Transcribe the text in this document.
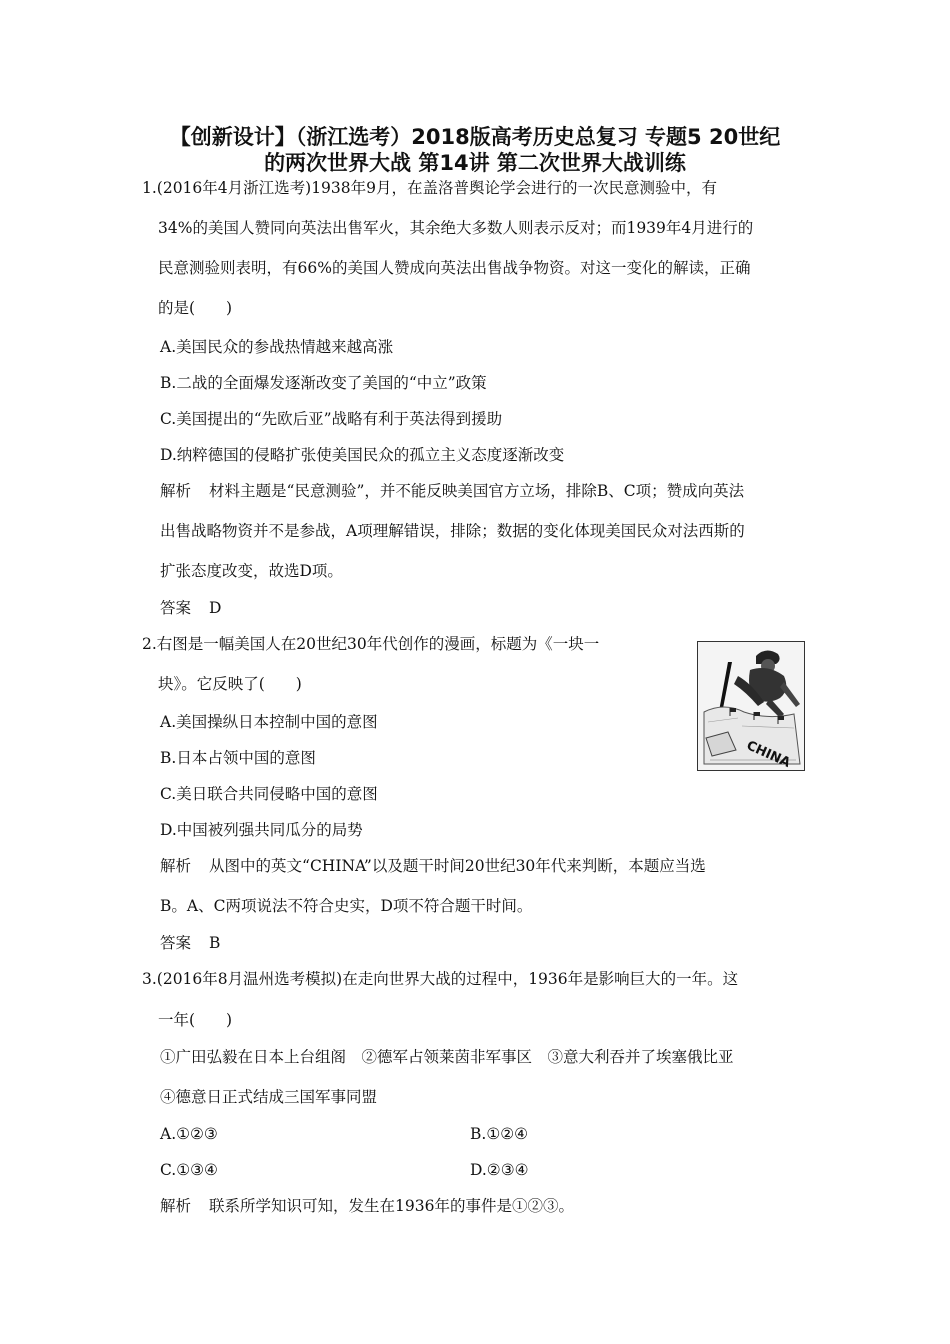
【创新设计】（浙江选考）2018版高考历史总复习 专题5 20世纪
的两次世界大战 第14讲 第二次世界大战训练
1.(2016年4月浙江选考)1938年9月，在盖洛普舆论学会进行的一次民意测验中，有
34%的美国人赞同向英法出售军火，其余绝大多数人则表示反对；而1939年4月进行的
民意测验则表明，有66%的美国人赞成向英法出售战争物资。对这一变化的解读，正确
的是(　　)
A.美国民众的参战热情越来越高涨
B.二战的全面爆发逐渐改变了美国的“中立”政策
C.美国提出的“先欧后亚”战略有利于英法得到援助
D.纳粹德国的侵略扩张使美国民众的孤立主义态度逐渐改变
解析 材料主题是“民意测验”，并不能反映美国官方立场，排除B、C项；赞成向英法
出售战略物资并不是参战，A项理解错误，排除；数据的变化体现美国民众对法西斯的
扩张态度改变，故选D项。
答案 D
2.右图是一幅美国人在20世纪30年代创作的漫画，标题为《一块一
块》。它反映了(　　)
A.美国操纵日本控制中国的意图
B.日本占领中国的意图
C.美日联合共同侵略中国的意图
D.中国被列强共同瓜分的局势
CHINA
解析 从图中的英文“CHINA”以及题干时间20世纪30年代来判断，本题应当选
B。A、C两项说法不符合史实，D项不符合题干时间。
答案 B
3.(2016年8月温州选考模拟)在走向世界大战的过程中，1936年是影响巨大的一年。这
一年(　　)
①广田弘毅在日本上台组阁　②德军占领莱茵非军事区　③意大利吞并了埃塞俄比亚
④德意日正式结成三国军事同盟
A.①②③	B.①②④
C.①③④	D.②③④
解析 联系所学知识可知，发生在1936年的事件是①②③。
